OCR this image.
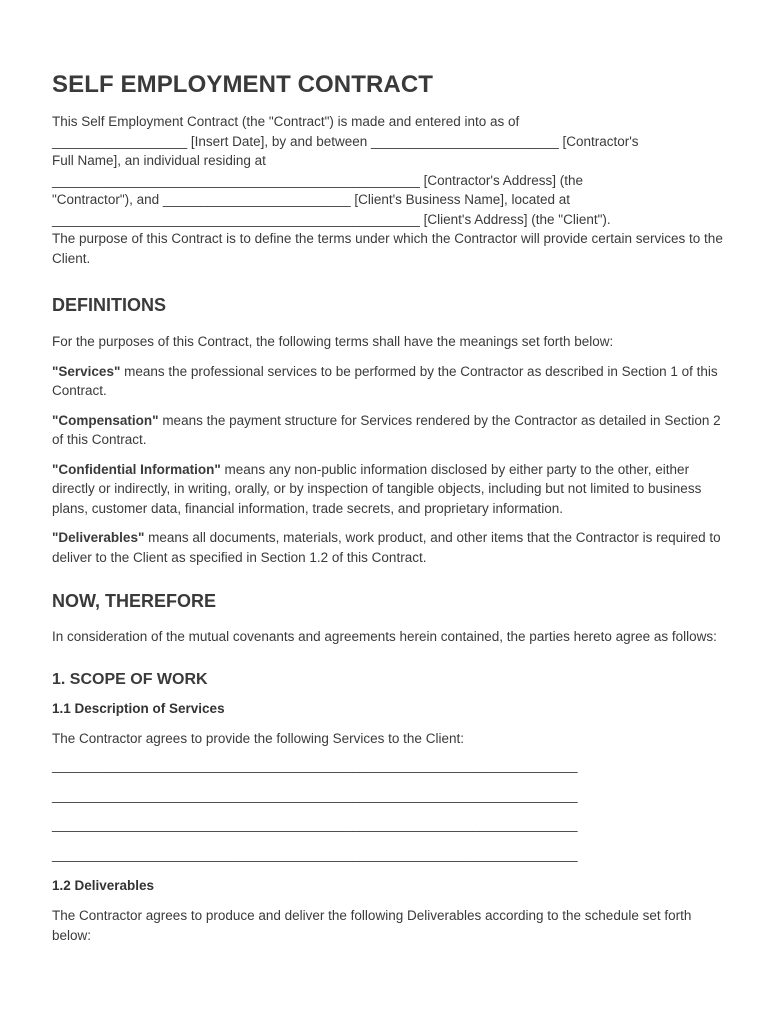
SELF EMPLOYMENT CONTRACT
This Self Employment Contract (the "Contract") is made and entered into as of
__________________ [Insert Date], by and between _________________________ [Contractor's
Full Name], an individual residing at
_________________________________________________ [Contractor's Address] (the
"Contractor"), and _________________________ [Client's Business Name], located at
_________________________________________________ [Client's Address] (the "Client").

The purpose of this Contract is to define the terms under which the Contractor will provide certain services to the Client.

DEFINITIONS

For the purposes of this Contract, the following terms shall have the meanings set forth below:

"Services" means the professional services to be performed by the Contractor as described in Section 1 of this Contract.

"Compensation" means the payment structure for Services rendered by the Contractor as detailed in Section 2 of this Contract.

"Confidential Information" means any non-public information disclosed by either party to the other, either directly or indirectly, in writing, orally, or by inspection of tangible objects, including but not limited to business plans, customer data, financial information, trade secrets, and proprietary information.

"Deliverables" means all documents, materials, work product, and other items that the Contractor is required to deliver to the Client as specified in Section 1.2 of this Contract.

NOW, THEREFORE

In consideration of the mutual covenants and agreements herein contained, the parties hereto agree as follows:

1. SCOPE OF WORK
1.1 Description of Services

The Contractor agrees to provide the following Services to the Client:

______________________________________________________________________
______________________________________________________________________
______________________________________________________________________
______________________________________________________________________
1.2 Deliverables

The Contractor agrees to produce and deliver the following Deliverables according to the schedule set forth below:
